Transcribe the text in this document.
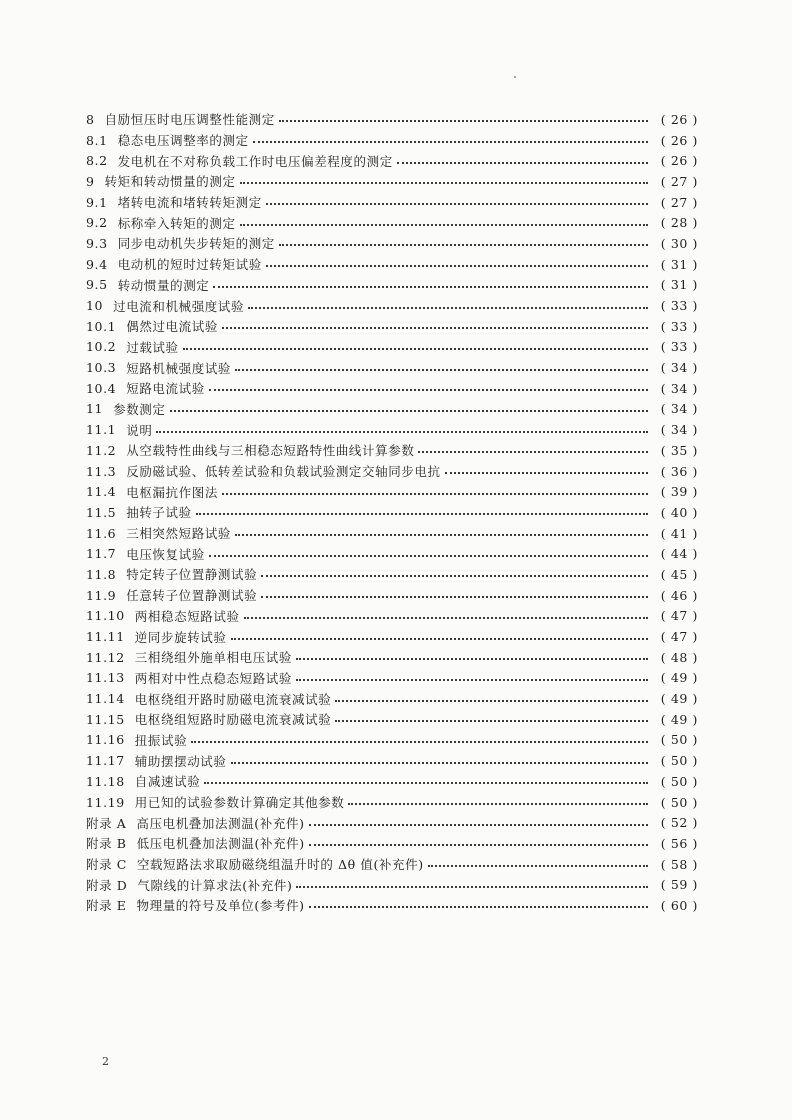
8 自励恒压时电压调整性能测定	( 26 )
8.1 稳态电压调整率的测定	( 26 )
8.2 发电机在不对称负载工作时电压偏差程度的测定	( 26 )
9 转矩和转动惯量的测定	( 27 )
9.1 堵转电流和堵转转矩测定	( 27 )
9.2 标称牵入转矩的测定	( 28 )
9.3 同步电动机失步转矩的测定	( 30 )
9.4 电动机的短时过转矩试验	( 31 )
9.5 转动惯量的测定	( 31 )
10 过电流和机械强度试验	( 33 )
10.1 偶然过电流试验	( 33 )
10.2 过载试验	( 33 )
10.3 短路机械强度试验	( 34 )
10.4 短路电流试验	( 34 )
11 参数测定	( 34 )
11.1 说明	( 34 )
11.2 从空载特性曲线与三相稳态短路特性曲线计算参数	( 35 )
11.3 反励磁试验、低转差试验和负载试验测定交轴同步电抗	( 36 )
11.4 电枢漏抗作图法	( 39 )
11.5 抽转子试验	( 40 )
11.6 三相突然短路试验	( 41 )
11.7 电压恢复试验	( 44 )
11.8 特定转子位置静测试验	( 45 )
11.9 任意转子位置静测试验	( 46 )
11.10 两相稳态短路试验	( 47 )
11.11 逆同步旋转试验	( 47 )
11.12 三相绕组外施单相电压试验	( 48 )
11.13 两相对中性点稳态短路试验	( 49 )
11.14 电枢绕组开路时励磁电流衰减试验	( 49 )
11.15 电枢绕组短路时励磁电流衰减试验	( 49 )
11.16 扭振试验	( 50 )
11.17 辅助摆摆动试验	( 50 )
11.18 自减速试验	( 50 )
11.19 用已知的试验参数计算确定其他参数	( 50 )
附录 A 高压电机叠加法测温(补充件)	( 52 )
附录 B 低压电机叠加法测温(补充件)	( 56 )
附录 C 空载短路法求取励磁绕组温升时的 Δθ 值(补充件)	( 58 )
附录 D 气隙线的计算求法(补充件)	( 59 )
附录 E 物理量的符号及单位(参考件)	( 60 )
2
